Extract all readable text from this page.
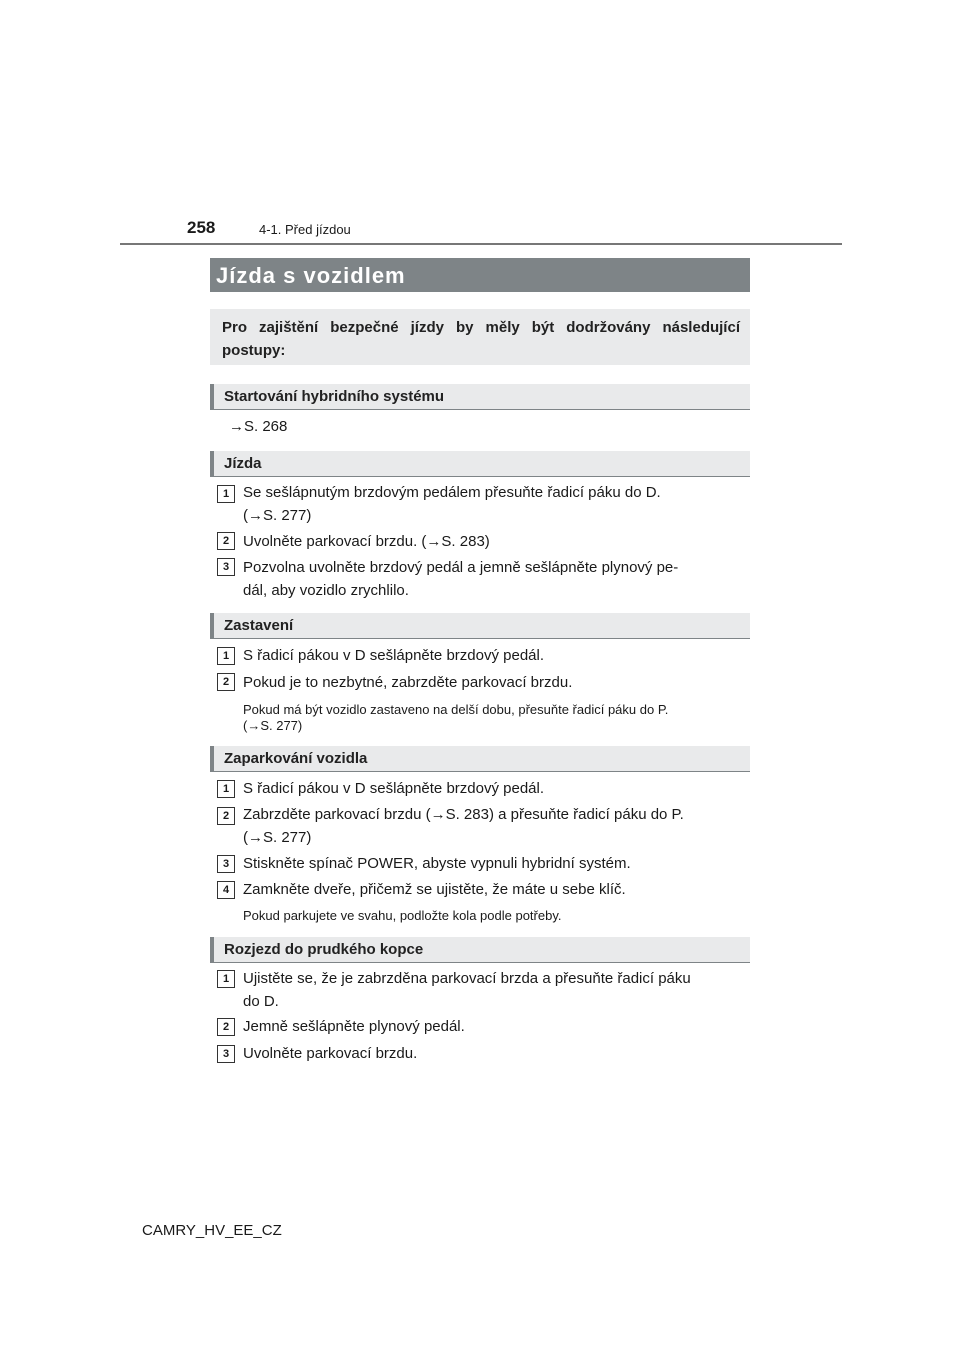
258	4-1. Před jízdou
Jízda s vozidlem
Pro zajištění bezpečné jízdy by měly být dodržovány následující postupy:
Startování hybridního systému
→S. 268
Jízda
1 Se sešlápnutým brzdovým pedálem přesuňte řadicí páku do D.
(→S. 277)
2 Uvolněte parkovací brzdu. (→S. 283)
3 Pozvolna uvolněte brzdový pedál a jemně sešlápněte plynový pe-
dál, aby vozidlo zrychlilo.
Zastavení
1 S řadicí pákou v D sešlápněte brzdový pedál.
2 Pokud je to nezbytné, zabrzděte parkovací brzdu.
Pokud má být vozidlo zastaveno na delší dobu, přesuňte řadicí páku do P.
(→S. 277)
Zaparkování vozidla
1 S řadicí pákou v D sešlápněte brzdový pedál.
2 Zabrzděte parkovací brzdu (→S. 283) a přesuňte řadicí páku do P.
(→S. 277)
3 Stiskněte spínač POWER, abyste vypnuli hybridní systém.
4 Zamkněte dveře, přičemž se ujistěte, že máte u sebe klíč.
Pokud parkujete ve svahu, podložte kola podle potřeby.
Rozjezd do prudkého kopce
1 Ujistěte se, že je zabrzděna parkovací brzda a přesuňte řadicí páku
do D.
2 Jemně sešlápněte plynový pedál.
3 Uvolněte parkovací brzdu.
CAMRY_HV_EE_CZ
